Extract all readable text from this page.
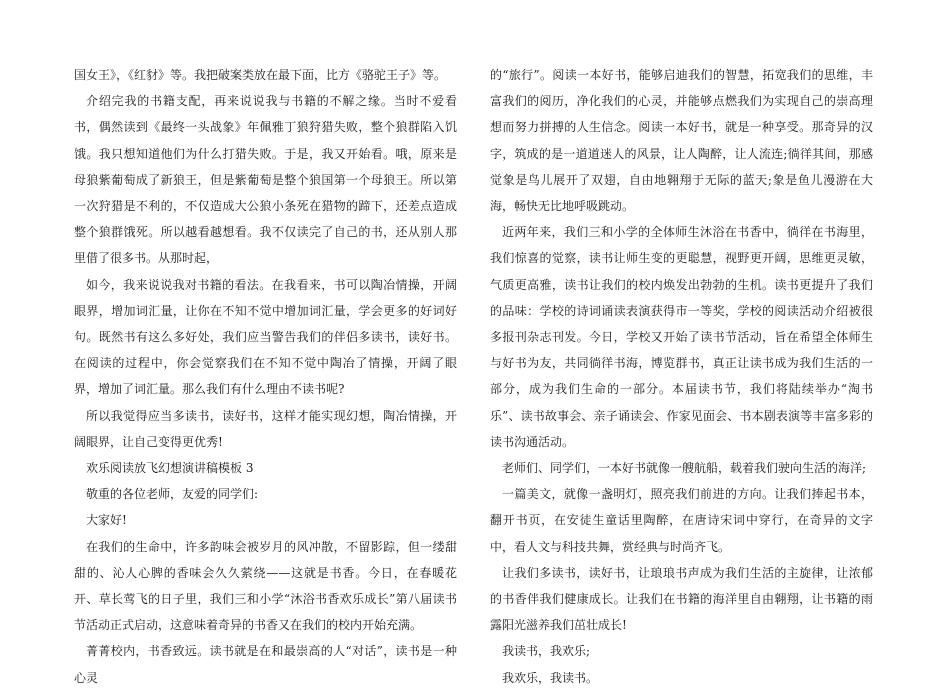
国女王》，《红豺》等。我把破案类放在最下面，比方《骆驼王子》等。

介绍完我的书籍支配，再来说说我与书籍的不解之缘。当时不爱看书，偶然读到《最终一头战象》年佩雅丁狼狩猎失败，整个狼群陷入饥饿。我只想知道他们为什么打猎失败。于是，我又开始看。哦，原来是母狼紫葡萄成了新狼王，但是紫葡萄是整个狼国第一个母狼王。所以第一次狩猎是不利的，不仅造成大公狼小条死在猎物的蹄下，还差点造成整个狼群饿死。所以越看越想看。我不仅读完了自己的书，还从别人那里借了很多书。从那时起，

如今，我来说说我对书籍的看法。在我看来，书可以陶冶情操，开阔眼界，增加词汇量，让你在不知不觉中增加词汇量，学会更多的好词好句。既然书有这么多好处，我们应当警告我们的伴侣多读书，读好书。在阅读的过程中，你会觉察我们在不知不觉中陶冶了情操，开阔了眼界，增加了词汇量。那么我们有什么理由不读书呢?

所以我觉得应当多读书，读好书，这样才能实现幻想，陶冶情操，开阔眼界，让自己变得更优秀!

欢乐阅读放飞幻想演讲稿模板 3

敬重的各位老师，友爱的同学们:

大家好!

在我们的生命中，许多韵味会被岁月的风冲散，不留影踪，但一缕甜甜的、沁人心脾的香味会久久萦绕——这就是书香。今日，在春暖花开、草长莺飞的日子里，我们三和小学“沐浴书香欢乐成长”第八届读书节活动正式启动，这意味着奇异的书香又在我们的校内开始充满。

菁菁校内，书香致远。读书就是在和最崇高的人“对话”，读书是一种心灵

的“旅行”。阅读一本好书，能够启迪我们的智慧，拓宽我们的思维，丰富我们的阅历，净化我们的心灵，并能够点燃我们为实现自己的崇高理想而努力拼搏的人生信念。阅读一本好书，就是一种享受。那奇异的汉字，筑成的是一道道迷人的风景，让人陶醉，让人流连;徜徉其间，那感觉象是鸟儿展开了双翅，自由地翱翔于无际的蓝天;象是鱼儿漫游在大海，畅快无比地呼吸跳动。

近两年来，我们三和小学的全体师生沐浴在书香中，徜徉在书海里，我们惊喜的觉察，读书让师生变的更聪慧，视野更开阔，思维更灵敏，气质更高雅，读书让我们的校内焕发出勃勃的生机。读书更提升了我们的品味：学校的诗词诵读表演获得市一等奖，学校的阅读活动介绍被很多报刊杂志刊发。今日，学校又开始了读书节活动，旨在希望全体师生与好书为友，共同徜徉书海，博览群书，真正让读书成为我们生活的一部分，成为我们生命的一部分。本届读书节，我们将陆续举办“淘书乐”、读书故事会、亲子诵读会、作家见面会、书本剧表演等丰富多彩的读书沟通活动。

老师们、同学们，一本好书就像一艘航船，载着我们驶向生活的海洋;

一篇美文，就像一盏明灯，照亮我们前进的方向。让我们捧起书本，翻开书页，在安徒生童话里陶醉，在唐诗宋词中穿行，在奇异的文字中，看人文与科技共舞，赏经典与时尚齐飞。

让我们多读书，读好书，让琅琅书声成为我们生活的主旋律，让浓郁的书香伴我们健康成长。让我们在书籍的海洋里自由翱翔，让书籍的雨露阳光滋养我们茁壮成长!

我读书，我欢乐;

我欢乐，我读书。
